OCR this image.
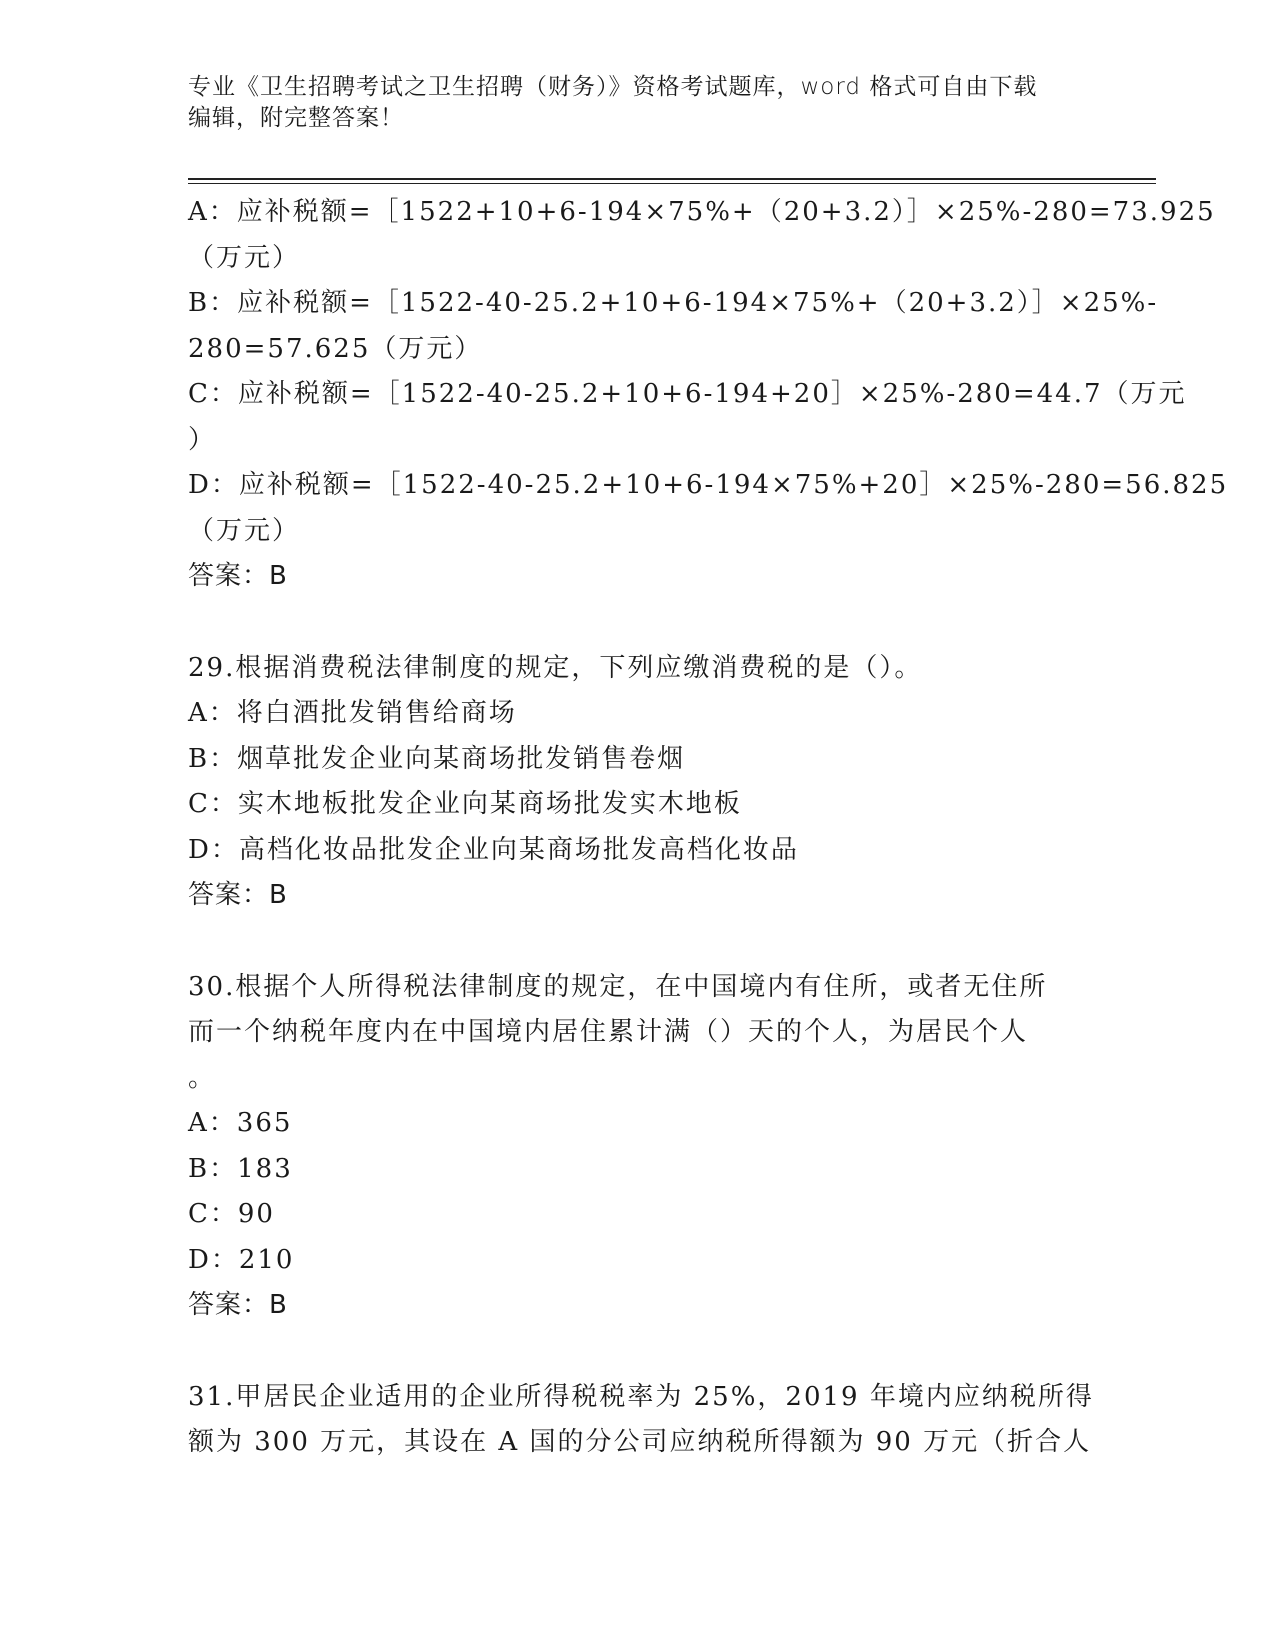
专业《卫生招聘考试之卫生招聘（财务）》资格考试题库，word 格式可自由下载
编辑，附完整答案！
A：应补税额=［1522+10+6-194×75%+（20+3.2）］×25%-280=73.925
（万元）
B：应补税额=［1522-40-25.2+10+6-194×75%+（20+3.2）］×25%-
280=57.625（万元）
C：应补税额=［1522-40-25.2+10+6-194+20］×25%-280=44.7（万元
）
D：应补税额=［1522-40-25.2+10+6-194×75%+20］×25%-280=56.825
（万元）
答案：B
29.根据消费税法律制度的规定，下列应缴消费税的是（）。
A：将白酒批发销售给商场
B：烟草批发企业向某商场批发销售卷烟
C：实木地板批发企业向某商场批发实木地板
D：高档化妆品批发企业向某商场批发高档化妆品
答案：B
30.根据个人所得税法律制度的规定，在中国境内有住所，或者无住所
而一个纳税年度内在中国境内居住累计满（）天的个人，为居民个人
。
A：365
B：183
C：90
D：210
答案：B
31.甲居民企业适用的企业所得税税率为 25%，2019 年境内应纳税所得
额为 300 万元，其设在 A 国的分公司应纳税所得额为 90 万元（折合人
